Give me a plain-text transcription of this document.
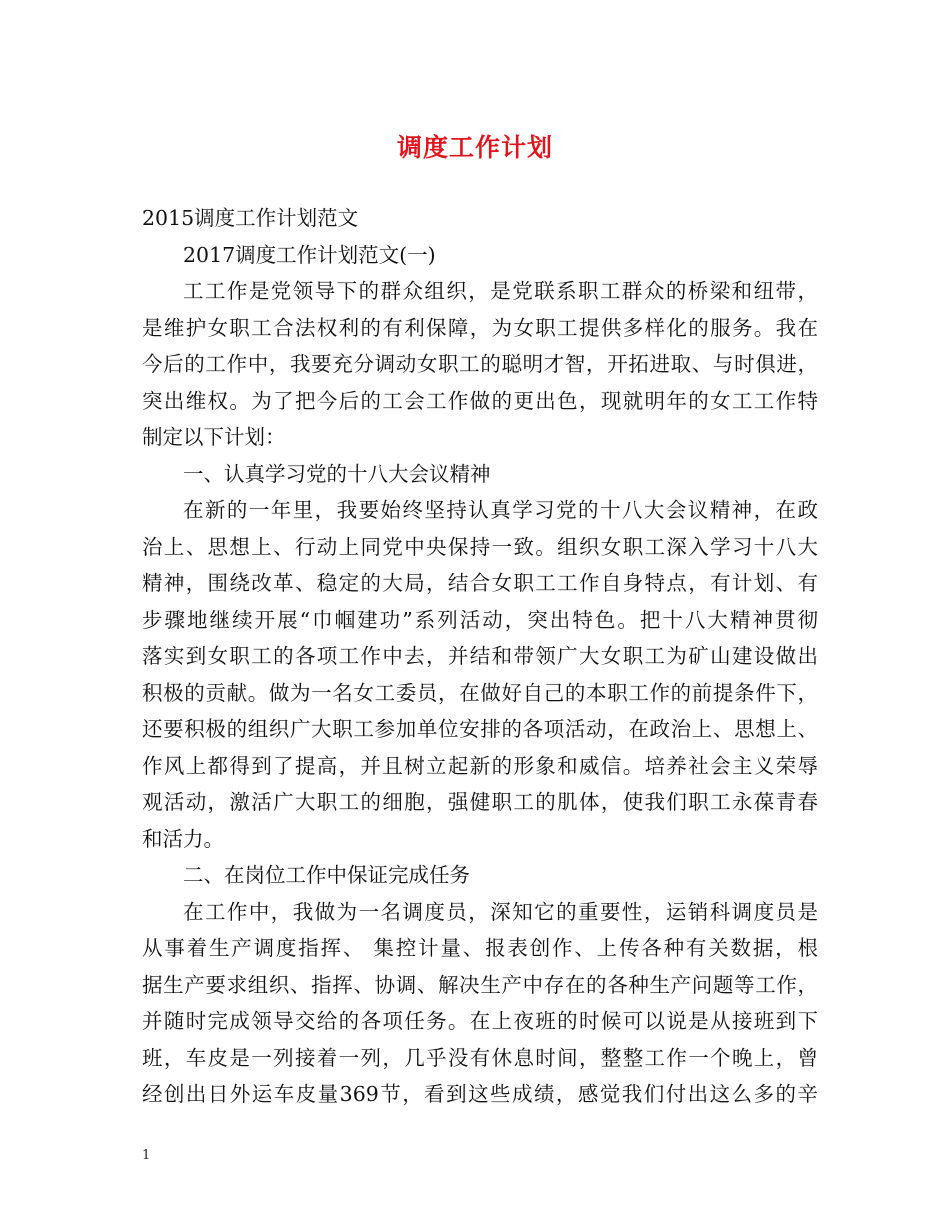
调度工作计划
2015调度工作计划范文
2017调度工作计划范文(一)
工工作是党领导下的群众组织，是党联系职工群众的桥梁和纽带，
是维护女职工合法权利的有利保障，为女职工提供多样化的服务。我在
今后的工作中，我要充分调动女职工的聪明才智，开拓进取、与时俱进，
突出维权。为了把今后的工会工作做的更出色，现就明年的女工工作特
制定以下计划：
一、认真学习党的十八大会议精神
在新的一年里，我要始终坚持认真学习党的十八大会议精神，在政
治上、思想上、行动上同党中央保持一致。组织女职工深入学习十八大
精神，围绕改革、稳定的大局，结合女职工工作自身特点，有计划、有
步骤地继续开展“巾帼建功”系列活动，突出特色。把十八大精神贯彻
落实到女职工的各项工作中去，并结和带领广大女职工为矿山建设做出
积极的贡献。做为一名女工委员，在做好自己的本职工作的前提条件下，
还要积极的组织广大职工参加单位安排的各项活动，在政治上、思想上、
作风上都得到了提高，并且树立起新的形象和威信。培养社会主义荣辱
观活动，激活广大职工的细胞，强健职工的肌体，使我们职工永葆青春
和活力。
二、在岗位工作中保证完成任务
在工作中，我做为一名调度员，深知它的重要性，运销科调度员是
从事着生产调度指挥、 集控计量、报表创作、上传各种有关数据，根
据生产要求组织、指挥、协调、解决生产中存在的各种生产问题等工作，
并随时完成领导交给的各项任务。在上夜班的时候可以说是从接班到下
班，车皮是一列接着一列，几乎没有休息时间，整整工作一个晚上，曾
经创出日外运车皮量369节，看到这些成绩，感觉我们付出这么多的辛
1
